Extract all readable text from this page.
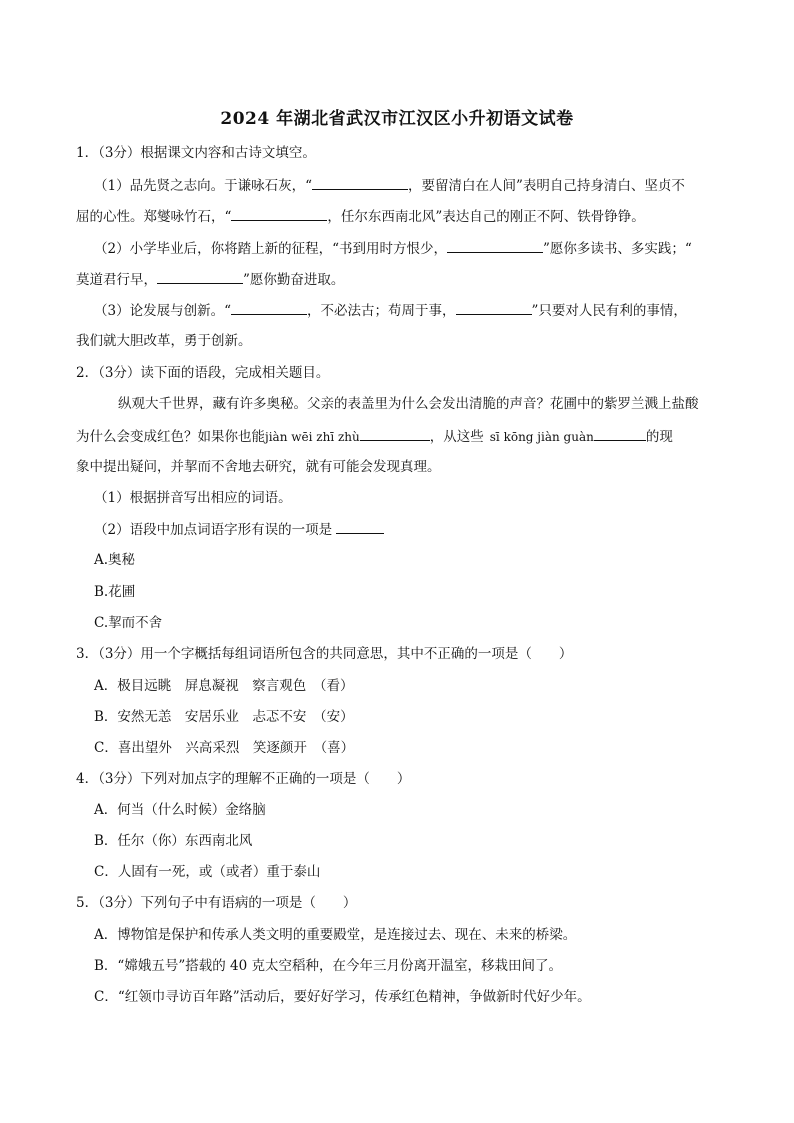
2024 年湖北省武汉市江汉区小升初语文试卷
1．（3分）根据课文内容和古诗文填空。
（1）品先贤之志向。于谦咏石灰，“	，要留清白在人间”表明自己持身清白、坚贞不
屈的心性。郑燮咏竹石，“	，任尔东西南北风”表达自己的刚正不阿、铁骨铮铮。
（2）小学毕业后，你将踏上新的征程，“书到用时方恨少，	”愿你多读书、多实践；“
莫道君行早，	”愿你勤奋进取。
（3）论发展与创新。“	，不必法古；苟周于事，	”只要对人民有利的事情，
我们就大胆改革，勇于创新。
2．（3分）读下面的语段，完成相关题目。
纵观大千世界，藏有许多奥秘。父亲的表盖里为什么会发出清脆的声音？花圃中的紫罗兰溅上盐酸
为什么会变成红色？如果你也能jiàn wēi zhī zhù	，从这些 sī kōng jiàn guàn	的现
象中提出疑问，并挈而不舍地去研究，就有可能会发现真理。
（1）根据拼音写出相应的词语。
（2）语段中加点词语字形有误的一项是
A.奥秘
B.花圃
C.挈而不舍
3．（3分）用一个字概括每组词语所包含的共同意思，其中不正确的一项是（　　）
A．极目远眺　屏息凝视　察言观色　（看）
B．安然无恙　安居乐业　忐忑不安　（安）
C．喜出望外　兴高采烈　笑逐颜开　（喜）
4．（3分）下列对加点字的理解不正确的一项是（　　）
A．何当（什么时候）金络脑
B．任尔（你）东西南北风
C．人固有一死，或（或者）重于泰山
5．（3分）下列句子中有语病的一项是（　　）
A．博物馆是保护和传承人类文明的重要殿堂，是连接过去、现在、未来的桥梁。
B．“嫦娥五号”搭载的 40 克太空稻种，在今年三月份离开温室，移栽田间了。
C．“红领巾寻访百年路”活动后，要好好学习，传承红色精神，争做新时代好少年。
